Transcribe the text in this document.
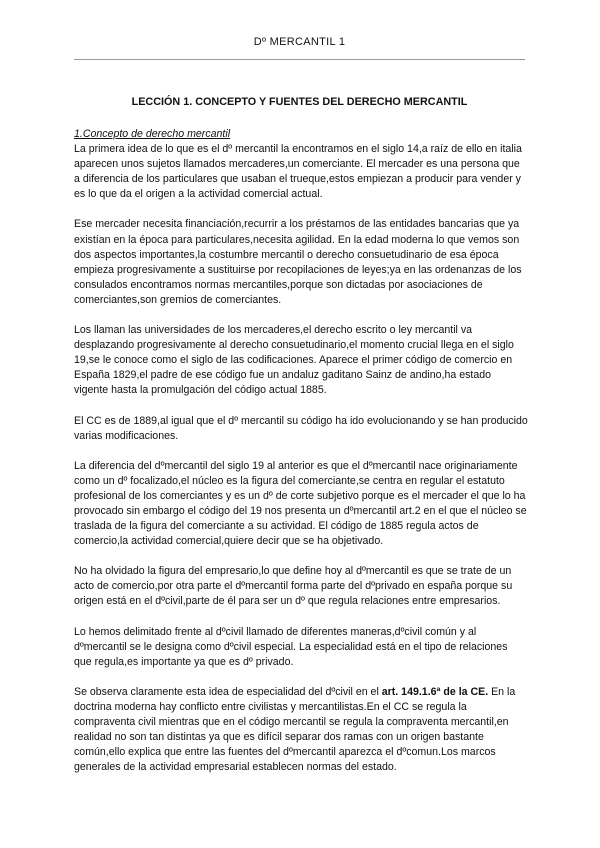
Dº MERCANTIL 1
LECCIÓN 1. CONCEPTO Y FUENTES DEL DERECHO MERCANTIL

1.Concepto de derecho mercantil
La primera idea de lo que es el dº mercantil la encontramos en el siglo 14,a raíz de ello en italia aparecen unos sujetos llamados mercaderes,un comerciante. El mercader es una persona que a diferencia de los particulares que usaban el trueque,estos empiezan a producir para vender y es lo que da el origen a la actividad comercial actual.

Ese mercader necesita financiación,recurrir a los préstamos de las entidades bancarias que ya existían en la época para particulares,necesita agilidad. En la edad moderna lo que vemos son dos aspectos importantes,la costumbre mercantil o derecho consuetudinario de esa época empieza progresivamente a sustituirse por recopilaciones de leyes;ya en las ordenanzas de los consulados encontramos normas mercantiles,porque son dictadas por asociaciones de comerciantes,son gremios de comerciantes.

Los llaman las universidades de los mercaderes,el derecho escrito o ley mercantil va desplazando progresivamente al derecho consuetudinario,el momento crucial llega en el siglo 19,se le conoce como el siglo de las codificaciones. Aparece el primer código de comercio en España 1829,el padre de ese código fue un andaluz gaditano Sainz de andino,ha estado vigente hasta la promulgación del código actual 1885.

El CC es de 1889,al igual que el dº mercantil su código ha ido evolucionando y se han producido varias modificaciones.

La diferencia del dºmercantil del siglo 19 al anterior es que el dºmercantil nace originariamente como un dº focalizado,el núcleo es la figura del comerciante,se centra en regular el estatuto profesional de los comerciantes y es un dº de corte subjetivo porque es el mercader el que lo ha provocado sin embargo el código del 19 nos presenta un dºmercantil art.2 en el que el núcleo se traslada de la figura del comerciante a su actividad. El código de 1885 regula actos de comercio,la actividad comercial,quiere decir que se ha objetivado.

No ha olvidado la figura del empresario,lo que define hoy al dºmercantil es que se trate de un acto de comercio,por otra parte el dºmercantil forma parte del dºprivado en españa porque su origen está en el dºcivil,parte de él para ser un dº que regula relaciones entre empresarios.

Lo hemos delimitado frente al dºcivil llamado de diferentes maneras,dºcivil común y al dºmercantil se le designa como dºcivil especial. La especialidad está en el tipo de relaciones que regula,es importante ya que es dº privado.

Se observa claramente esta idea de especialidad del dºcivil en el art. 149.1.6ª de la CE. En la doctrina moderna hay conflicto entre civilistas y mercantilistas.En el CC se regula la compraventa civil mientras que en el código mercantil se regula la compraventa mercantil,en realidad no son tan distintas ya que es difícil separar dos ramas con un origen bastante común,ello explica que entre las fuentes del dºmercantil aparezca el dºcomun.Los marcos generales de la actividad empresarial establecen normas del estado.
